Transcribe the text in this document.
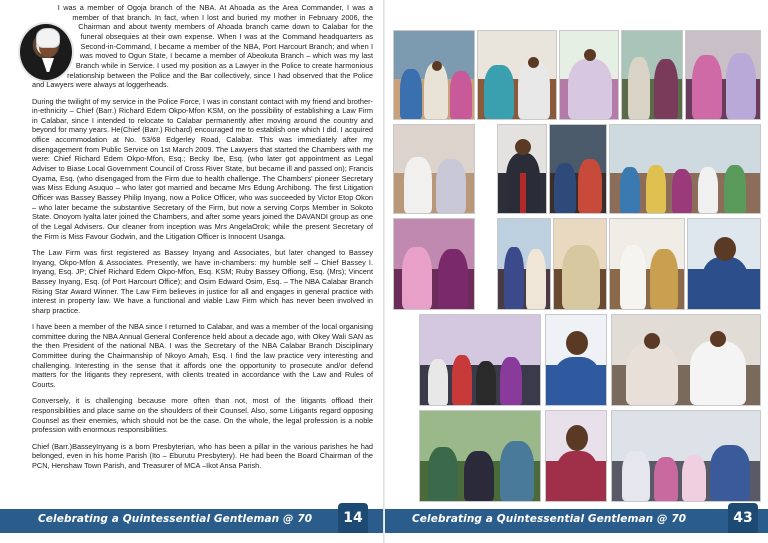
I was a member of Ogoja branch of the NBA. At Ahoada as the Area Commander, I was a member of that branch. In fact, when I lost and buried my mother in February 2006, the Chairman and about twenty members of Ahoada branch came down to Calabar for the funeral obsequies at their own expense. When I was at the Command headquarters as Second-in-Command, I became a member of the NBA, Port Harcourt Branch; and when I was moved to Ogun State, I became a member of Abeokuta Branch – which was my last Branch while in Service. I used my position as a Lawyer in the Police to create harmonious relationship between the Police and the Bar collectively, since I had observed that the Police and Lawyers were always at loggerheads.

During the twilight of my service in the Police Force, I was in constant contact with my friend and brother-in-ethnicity – Chief (Barr.) Richard Edem Okpo-Mfon KSM, on the possibility of establishing a Law Firm in Calabar, since I intended to relocate to Calabar permanently after moving around the country and beyond for many years. He(Chief (Barr.) Richard) encouraged me to establish one which I did. I acquired office accommodation at No. 53/68 Edgerley Road, Calabar. This was immediately after my disengagement from Public Service on 1st March 2009. The Lawyers that started the Chambers with me were: Chief Richard Edem Okpo-Mfon, Esq.; Becky Ibe, Esq. (who later got appointment as Legal Adviser to Biase Local Government Council of Cross River State, but became ill and passed on); Francis Oyama, Esq. (who disengaged from the Firm due to health challenge. The Chambers' pioneer Secretary was Miss Edung Asuquo – who later got married and became Mrs Edung Archibong. The first Litigation Officer was Bassey Bassey Philip Inyang, now a Police Officer, who was succeeded by Victor Etop Okon – who later became the substantive Secretary of the Firm, but now a serving Corps Member in Sokoto State. Onoyom Iyalta later joined the Chambers, and after some years joined the DAVANDI group as one of the Legal Advisers. Our cleaner from inception was Mrs AngelaOrok; while the present Secretary of the Firm is Miss Favour Godwin, and the Litigation Officer is Innocent Usanga.

The Law Firm was first registered as Bassey Inyang and Associates, but later changed to Bassey Inyang, Okpo-Mfon & Associates. Presently, we have in-chambers: my humble self – Chief Bassey I. Inyang, Esq. JP; Chief Richard Edem Okpo-Mfon, Esq. KSM; Ruby Bassey Offiong, Esq. (Mrs); Vincent Bassey Inyang, Esq. (of Port Harcourt Office); and Osim Edward Osim, Esq. – The NBA Calabar Branch Rising Star Award Winner. The Law Firm believes in justice for all and engages in general practice with interest in property law. We have a functional and viable Law Firm which has never been involved in sharp practice.

I have been a member of the NBA since I returned to Calabar, and was a member of the local organising committee during the NBA Annual General Conference held about a decade ago, with Okey Wali SAN as the then President of the national NBA. I was the Secretary of the NBA Calabar Branch Disciplinary Committee during the Chairmanship of Nkoyo Amah, Esq. I find the law practice very interesting and challenging. Interesting in the sense that it affords one the opportunity to prosecute and/or defend matters for the litigants they represent, with clients treated in accordance with the Law and Rules of Courts.

Conversely, it is challenging because more often than not, most of the litigants offload their responsibilities and place same on the shoulders of their Counsel. Also, some Litigants regard opposing Counsel as their enemies, which should not be the case. On the whole, the legal profession is a noble profession with enormous responsibilities.

Chief (Barr.)BasseyInyang is a born Presbyterian, who has been a pillar in the various parishes he had belonged, even in his home Parish (Ito – Eburutu Presbytery). He had been the Board Chairman of the PCN, Henshaw Town Parish, and Treasurer of MCA –Ikot Ansa Parish.

Celebrating a Quintessential Gentleman @ 70	Celebrating a Quintessential Gentleman @ 70
14	43
